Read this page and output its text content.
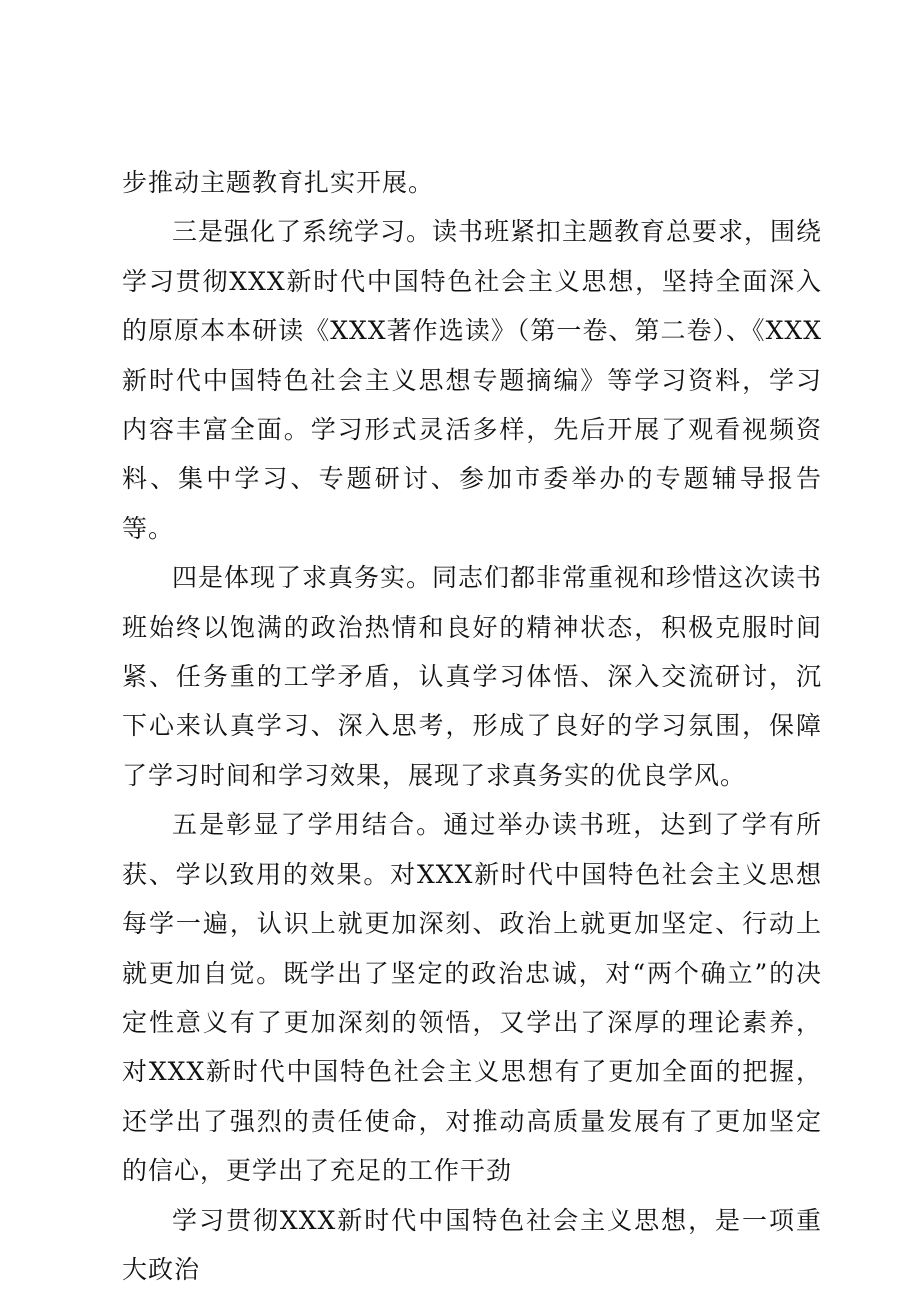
步推动主题教育扎实开展。

三是强化了系统学习。读书班紧扣主题教育总要求，围绕学习贯彻XXX新时代中国特色社会主义思想，坚持全面深入的原原本本研读《XXX著作选读》（第一卷、第二卷）、《XXX新时代中国特色社会主义思想专题摘编》等学习资料，学习内容丰富全面。学习形式灵活多样，先后开展了观看视频资料、集中学习、专题研讨、参加市委举办的专题辅导报告等。

四是体现了求真务实。同志们都非常重视和珍惜这次读书班始终以饱满的政治热情和良好的精神状态，积极克服时间紧、任务重的工学矛盾，认真学习体悟、深入交流研讨，沉下心来认真学习、深入思考，形成了良好的学习氛围，保障了学习时间和学习效果，展现了求真务实的优良学风。

五是彰显了学用结合。通过举办读书班，达到了学有所获、学以致用的效果。对XXX新时代中国特色社会主义思想每学一遍，认识上就更加深刻、政治上就更加坚定、行动上就更加自觉。既学出了坚定的政治忠诚，对“两个确立”的决定性意义有了更加深刻的领悟，又学出了深厚的理论素养，对XXX新时代中国特色社会主义思想有了更加全面的把握，还学出了强烈的责任使命，对推动高质量发展有了更加坚定的信心，更学出了充足的工作干劲

学习贯彻XXX新时代中国特色社会主义思想，是一项重大政治
